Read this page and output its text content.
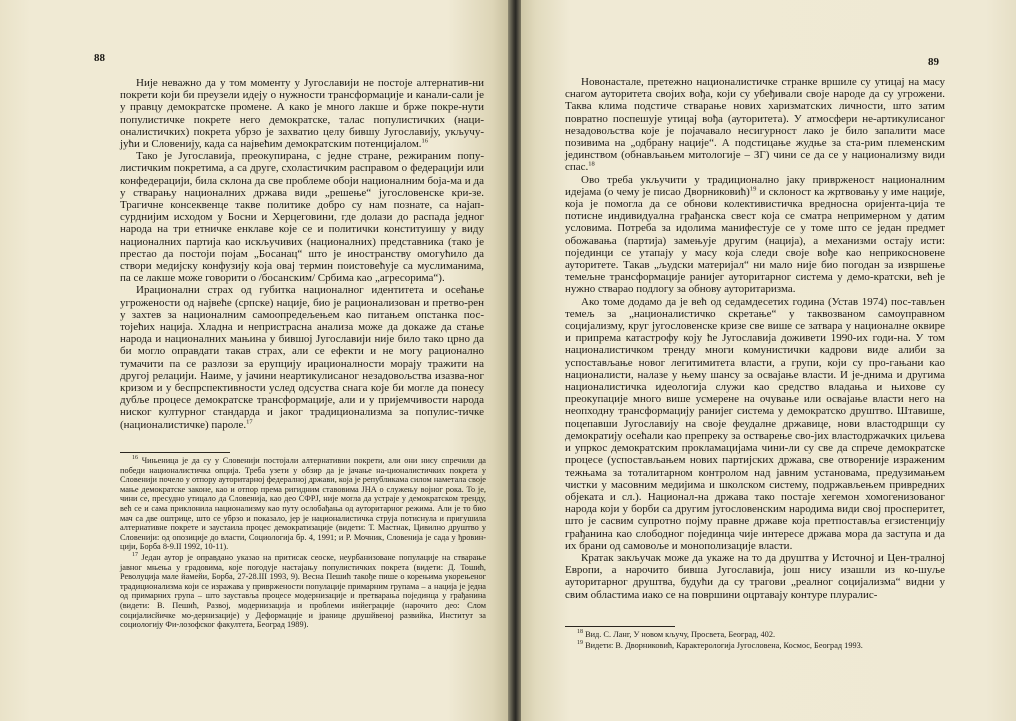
88

Није неважно да у том моменту у Југославији не постоје алтернатив-ни покрети који би преузели идеју о нужности трансформације и канали-сали је у правцу демократске промене. А како је много лакше и брже покре-нути популистичке покрете него демократске, талас популистичких (наци-оналистичких) покрета убрзо је захватио целу бившу Југославију, укључу-јући и Словенију, када са највећим демократским потенцијалом.$^{16}$

Тако је Југославија, преокупирана, с једне стране, режираним попу-листичким покретима, а са друге, схоластичким расправом о федерацији или конфедерацији, била склона да све проблеме обоји националним боја-ма и да у стварању националних држава види „решење“ југословенске кри-зе. Трагичне консеквенце такве политике добро су нам познате, са најап-сурднијим исходом у Босни и Херцеговини, где долази до распада једног народа на три етничке енклаве које се и политички конституишу у виду националних партија као искључивих (националних) представника (тако је престао да постоји појам „Босанац“ што је иностранству омогућило да створи медијску конфузију која овај термин поистовећује са муслиманима, па се лакше може говорити о /босанским/ Србима као „агресорима“).

Ирационални страх од губитка националног идентитета и осећање угрожености од највеће (српске) нације, био је рационализован и претво-рен у захтев за националним самоопредељењем као питањем опстанка пос-тојећих нација. Хладна и непристрасна анализа може да докаже да стање народа и националних мањина у бившој Југославији није било тако црно да би могло оправдати такав страх, али се ефекти и не могу рационално тумачити па се разлози за ерупцију ирационалности морају тражити на другој релацији. Наиме, у јачини неартикулисаног незадовољства изазва-ног кризом и у беспрспективности услед одсуства снага које би могле да понесу дубље процесе демократске трансформације, али и у пријемчивости народа ниског културног стандарда и јаког традиционализма за популис-тичке (националистичке) пароле.$^{17}$

$^{16}$ Чињеница је да су у Словенији постојали алтернативни покрети, али они нису спречили да победи националистичка опција. Треба узети у обзир да је јачање на-ционалистичких покрета у Словенији почело у отпору ауторитарној федералној држави, која је републикама силом наметала своје мање демократске законе, као и отпор према ригидним ставовима ЈНА о служењу војног рока. То је, чини се, пресудно утицало да Словенија, као део СФРЈ, није могла да устраје у демократском тренду, већ се и сама приклонила национализму као путу ослобађања од ауторитарног режима. Али је то био мач са две оштрице, што се убрзо и показало, јер је националистичка струја потиснула и пригушила алтернативне покрете и заустаила процес демократизације (видети: Т. Мастнак, Цивилно друштво у Словенији: од опозиције до власти, Социологија бр. 4, 1991; и Р. Мочник, Словенија је сада у ђровин-цији, Борба 8-9.II 1992, 10-11).

$^{17}$ Један аутор је оправдано указао на притисак сеоске, неурбанизоване популације на стварање јавног мњења у градовима, које погодује настајању популистичких покрета (видети: Д. Тошић, Револуција мале йамейи, Борба, 27-28.III 1993, 9). Весна Пешић такође пише о корењима укорењеног традиционализма који се изражава у привржености популације примарним групама – а нација је једна од примарних група – што зауставља процесе модернизације и претварања појединца у грађанина (видети: В. Пешић, Развој, модернизација и проблеми инйеграције (нарочито део: Слом социјалисйичке мо-дернизације) у Деформације и јранице друшйвеној развийка, Институт за социологију Фи-лозофског факултета, Београд 1989).

89

Новонастале, претежно националистичке странке вршиле су утицај на масу снагом ауторитета својих вођа, који су убеђивали своје народе да су угрожени. Таква клима подстиче стварање нових харизматских личности, што затим повратно поспешује утицај вођа (ауторитета). У атмосфери не-артикулисаног незадовољства које је појачавало несигурност лако је било запалити масе позивима на „одбрану нације“. А подстицање жудње за ста-рим племенским јединством (обнављањем митологије – ЗГ) чини се да се у национализму види спас.$^{18}$

Ово треба укључити у традиционално јаку привржeност националним идејама (о чему је писао Дворниковић)$^{19}$ и склоност ка жртвовању у име нације, која је помогла да се обнови колективистичка вредносна оријента-ција те потисне индивидуална грађанска свест која се сматра непримерном у датим условима. Потреба за идолима манифестује се у томе што се један предмет обожавања (партија) замењује другим (нација), а механизми остају исти: појединци се утапају у масу која следи своје вође као неприкосновене ауторитете. Такав „људски материјал“ ни мало није био погодан за извршење темељне трансформације ранијег ауторитарног система у демо-кратски, већ је нужно стварао подлогу за обнову ауторитаризма.

Ако томе додамо да је већ од седамдесетих година (Устав 1974) пос-тављен темељ за „националистичко скретање“ у таквозваном самоуправном социјализму, круг југословенске кризе све више се затвара у националне оквире и припрема катастрофу коју ће Југославија доживети 1990-их годи-на. У том националистичком тренду многи комунистички кадрови виде алиби за успостављање новог легитимитета власти, а групи, који су про-гањани као националисти, налазе у њему шансу за освајање власти. И је-днима и другима националистичка идеологија служи као средство владања и њихове су преокупације много више усмерене на очување или освајање власти него на неопходну трансформацију ранијег система у демократско друштво. Штавише, поцепавши Југославију на своје феудалне државице, нови властодршци су демократију осећали као препреку за остварење сво-јих властодржачких циљева и упркос демократским прокламацијама чини-ли су све да спрече демократске процесе (успостављањем нових партијских држава, све отвореније израженим тежњама за тоталитарном контролом над јавним установама, предузимањем чистки у масовним медијима и школском систему, подржављењем привредних објеката и сл.). Национал-на држава тако постаје хегемон хомогенизованог народа који у борби са другим југословенским народима види свој просперитет, што је сасвим супротно појму правне државе која претпоставља егзистенцију грађанина као слободног појединца чије интересе држава мора да заступа и да их брани од самовоље и монополизације власти.

Кратак закључак може да укаже на то да друштва у Источној и Цен-тралној Европи, а нарочито бивша Југославија, још нису изашли из ко-шуље ауторитарног друштва, будући да су трагови „реалног социјализма“ видни у свим областима иако се на површини оцртавају контуре плуралис-

$^{18}$ Вид. С. Ланг, У новом кључу, Просвета, Београд, 402.

$^{19}$ Видети: В. Дворниковић, Карактерологија Југословена, Космос, Београд 1993.
